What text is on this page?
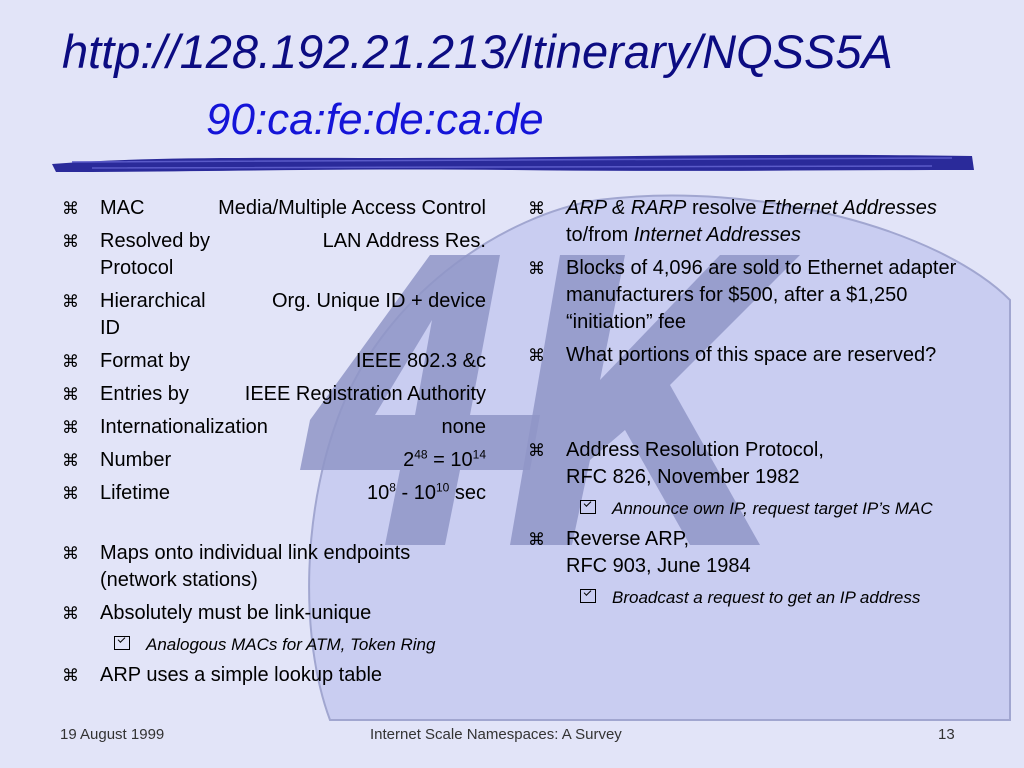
http://128.192.21.213/Itinerary/NQSS5A
90:ca:fe:de:ca:de
⌘ MAC	Media/Multiple Access Control
⌘ Resolved by	LAN Address Res.
Protocol
⌘ Hierarchical	Org. Unique ID + device
ID
⌘ Format by	IEEE 802.3 &c
⌘ Entries by	IEEE Registration Authority
⌘ Internationalization	none
⌘ Number	$2^{48} = 10^{14}$
⌘ Lifetime	$10^8 - 10^{10}$ sec
⌘ Maps onto individual link endpoints (network stations)
⌘ Absolutely must be link-unique
Analogous MACs for ATM, Token Ring
⌘ ARP uses a simple lookup table
⌘ ARP & RARP resolve Ethernet Addresses to/from Internet Addresses
⌘ Blocks of 4,096 are sold to Ethernet adapter manufacturers for $500, after a $1,250 “initiation” fee
⌘ What portions of this space are reserved?
⌘ Address Resolution Protocol,
RFC 826, November 1982
Announce own IP, request target IP’s MAC
⌘ Reverse ARP,
RFC 903, June 1984
Broadcast a request to get an IP address
19 August 1999	Internet Scale Namespaces: A Survey	13
